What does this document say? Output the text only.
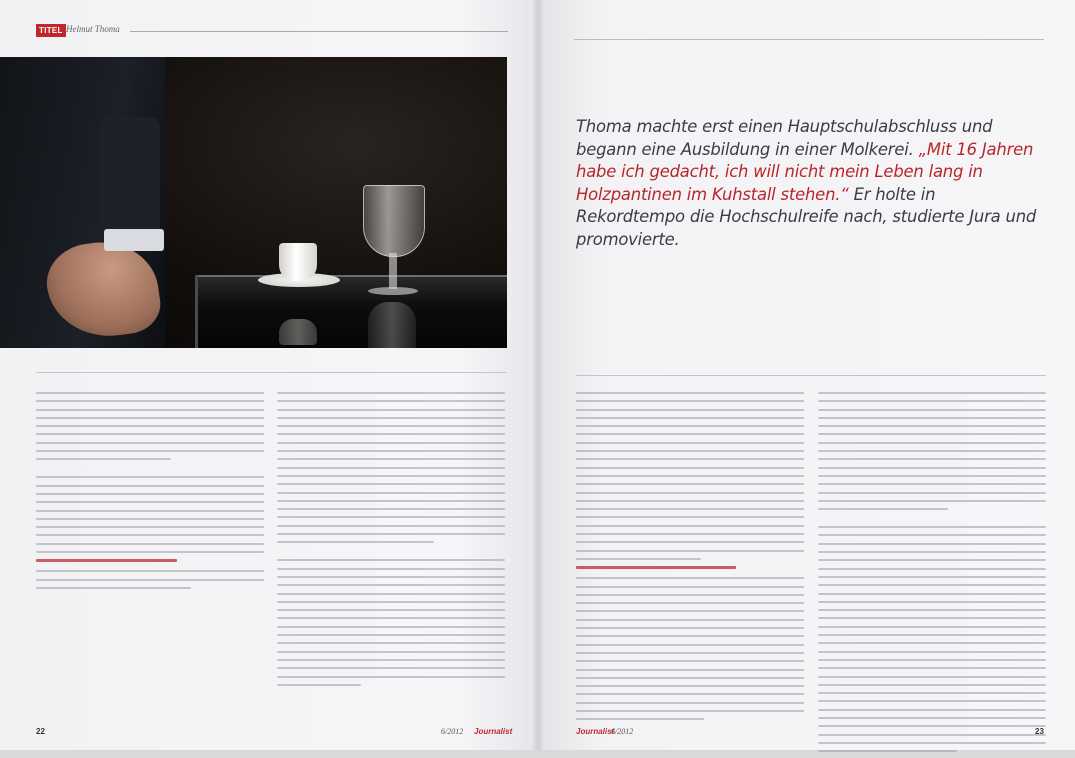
TITEL Helmut Thoma
22	6/2012 Journalist
Thoma machte erst einen Hauptschulabschluss und begann eine Ausbildung in einer Molkerei. „Mit 16 Jahren habe ich gedacht, ich will nicht mein Leben lang in Holzpantinen im Kuhstall stehen.“ Er holte in Rekordtempo die Hochschulreife nach, studierte Jura und promovierte.
Journalist
6/2012	23
